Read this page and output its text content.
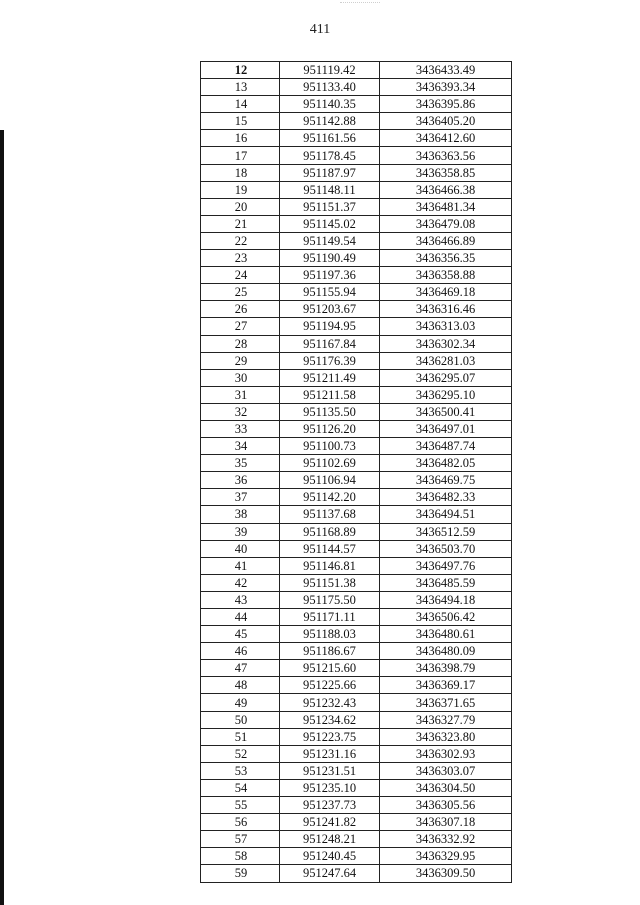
411
12	951119.42	3436433.49
13	951133.40	3436393.34
14	951140.35	3436395.86
15	951142.88	3436405.20
16	951161.56	3436412.60
17	951178.45	3436363.56
18	951187.97	3436358.85
19	951148.11	3436466.38
20	951151.37	3436481.34
21	951145.02	3436479.08
22	951149.54	3436466.89
23	951190.49	3436356.35
24	951197.36	3436358.88
25	951155.94	3436469.18
26	951203.67	3436316.46
27	951194.95	3436313.03
28	951167.84	3436302.34
29	951176.39	3436281.03
30	951211.49	3436295.07
31	951211.58	3436295.10
32	951135.50	3436500.41
33	951126.20	3436497.01
34	951100.73	3436487.74
35	951102.69	3436482.05
36	951106.94	3436469.75
37	951142.20	3436482.33
38	951137.68	3436494.51
39	951168.89	3436512.59
40	951144.57	3436503.70
41	951146.81	3436497.76
42	951151.38	3436485.59
43	951175.50	3436494.18
44	951171.11	3436506.42
45	951188.03	3436480.61
46	951186.67	3436480.09
47	951215.60	3436398.79
48	951225.66	3436369.17
49	951232.43	3436371.65
50	951234.62	3436327.79
51	951223.75	3436323.80
52	951231.16	3436302.93
53	951231.51	3436303.07
54	951235.10	3436304.50
55	951237.73	3436305.56
56	951241.82	3436307.18
57	951248.21	3436332.92
58	951240.45	3436329.95
59	951247.64	3436309.50
